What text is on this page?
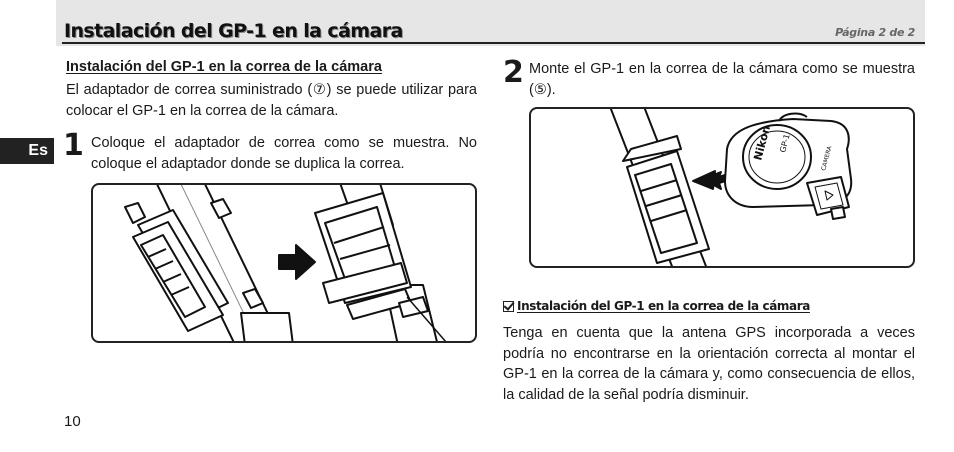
Instalación del GP-1 en la cámara	Página 2 de 2
Es
Instalación del GP-1 en la correa de la cámara
El adaptador de correa suministrado (⑦) se puede utilizar para colocar el GP-1 en la correa de la cámara.
1 Coloque el adaptador de correa como se muestra. No coloque el adaptador donde se duplica la correa.
2 Monte el GP-1 en la correa de la cámara como se muestra (⑤).
Nikon GP-1
CAMERA
Instalación del GP-1 en la correa de la cámara
Tenga en cuenta que la antena GPS incorporada a veces podría no encontrarse en la orientación correcta al montar el GP-1 en la correa de la cámara y, como consecuencia de ellos, la calidad de la señal podría disminuir.
10
